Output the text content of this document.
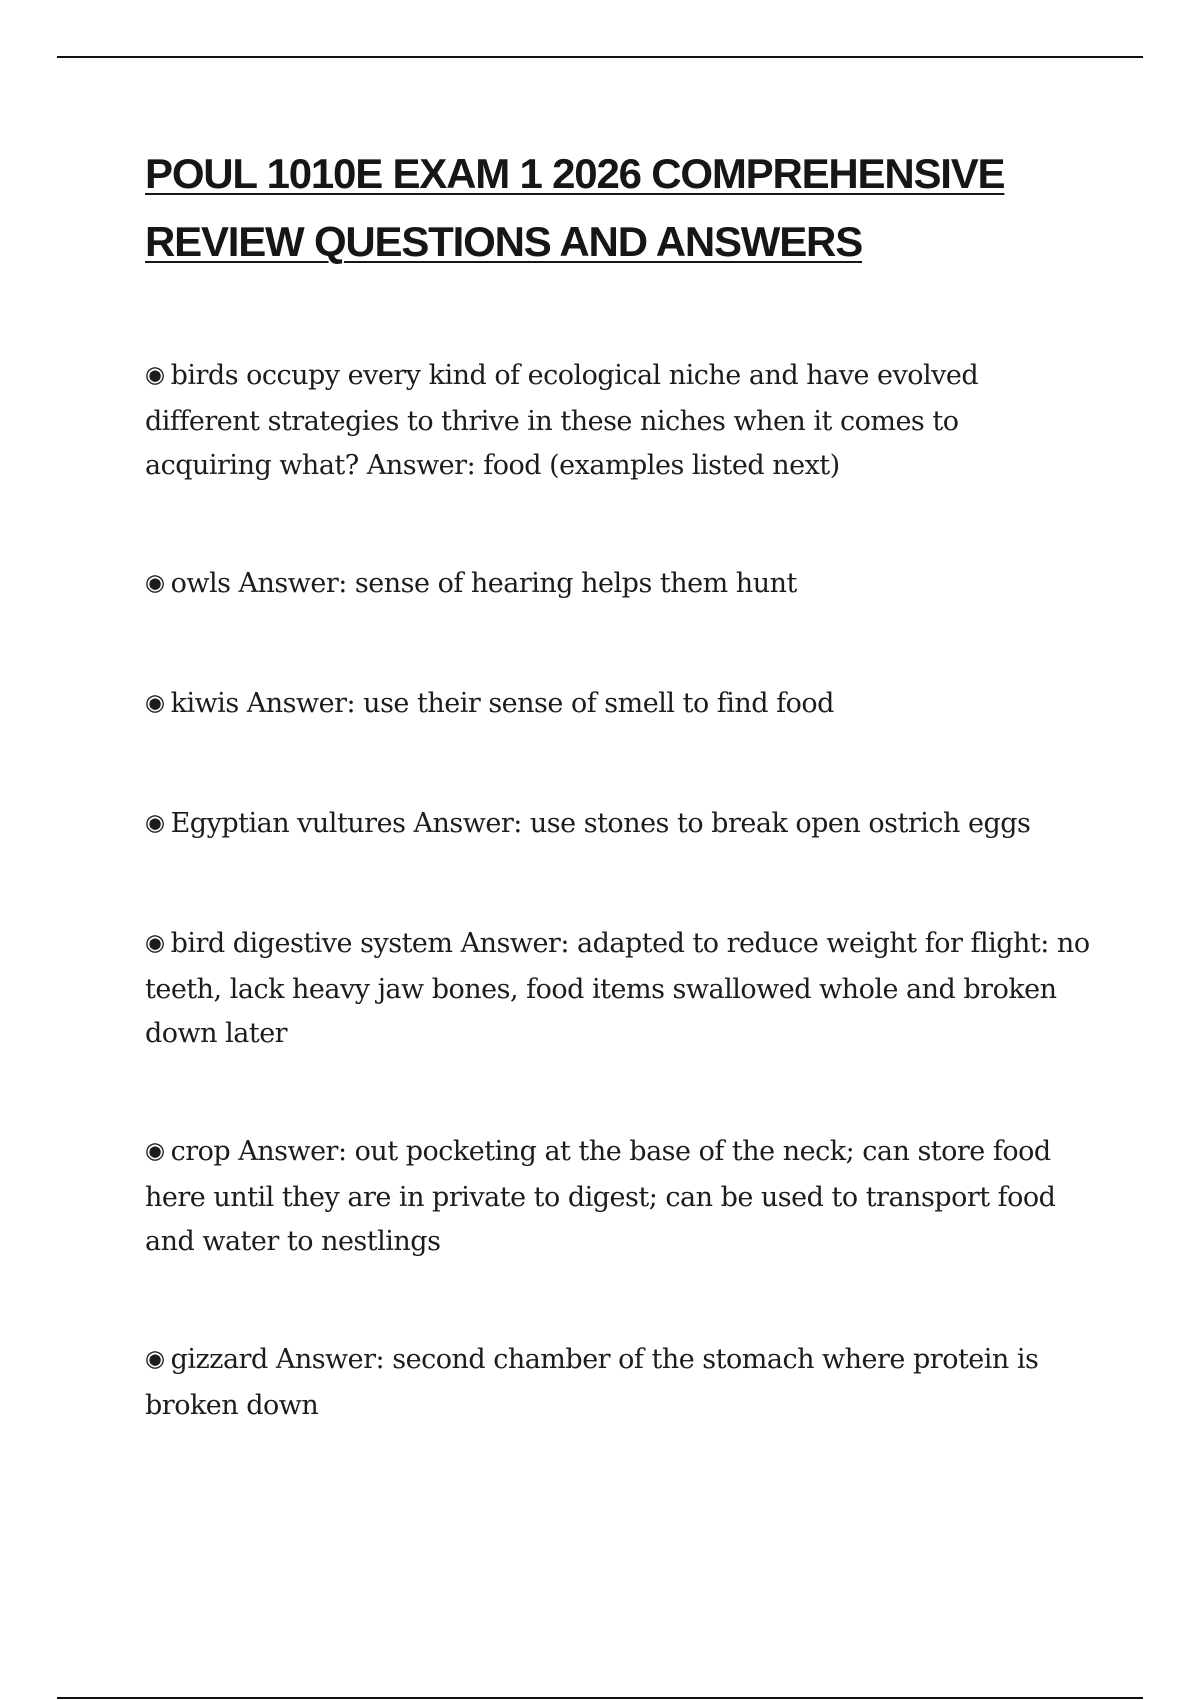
POUL 1010E EXAM 1 2026 COMPREHENSIVE
REVIEW QUESTIONS AND ANSWERS

◉ birds occupy every kind of ecological niche and have evolved different strategies to thrive in these niches when it comes to acquiring what? Answer: food (examples listed next)

◉ owls Answer: sense of hearing helps them hunt

◉ kiwis Answer: use their sense of smell to find food

◉ Egyptian vultures Answer: use stones to break open ostrich eggs

◉ bird digestive system Answer: adapted to reduce weight for flight: no teeth, lack heavy jaw bones, food items swallowed whole and broken down later

◉ crop Answer: out pocketing at the base of the neck; can store food here until they are in private to digest; can be used to transport food and water to nestlings

◉ gizzard Answer: second chamber of the stomach where protein is broken down
